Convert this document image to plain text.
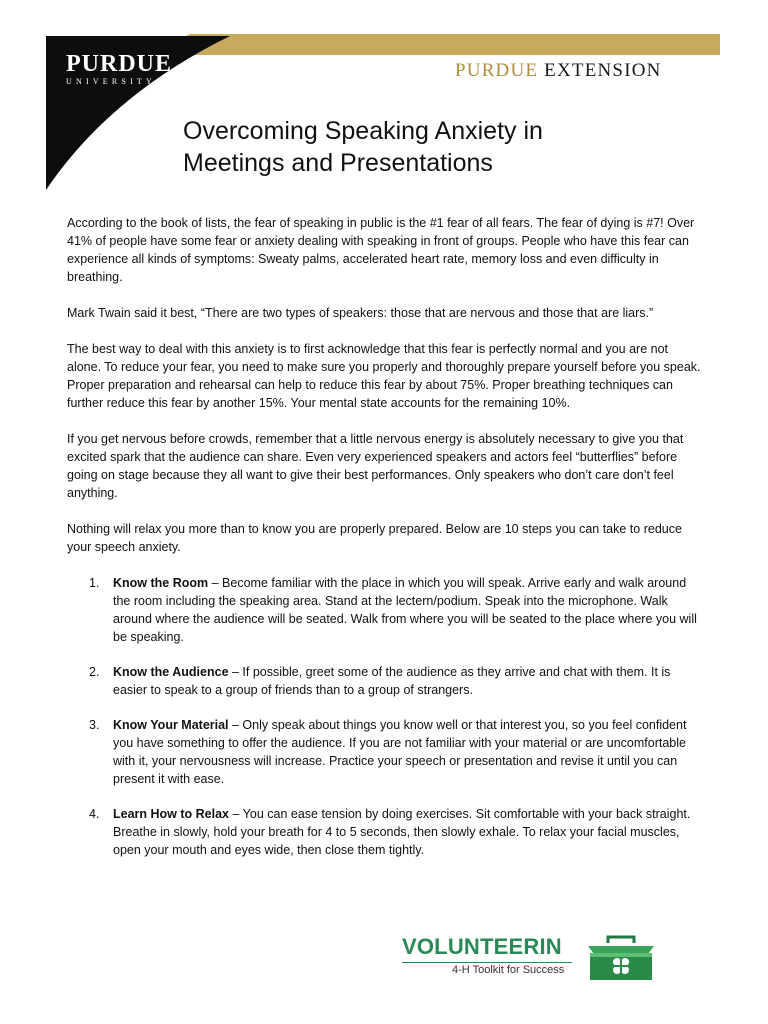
PURDUE
UNIVERSITY
PURDUE EXTENSION
Overcoming Speaking Anxiety in
Meetings and Presentations

According to the book of lists, the fear of speaking in public is the #1 fear of all fears. The fear of dying is #7! Over 41% of people have some fear or anxiety dealing with speaking in front of groups. People who have this fear can experience all kinds of symptoms: Sweaty palms, accelerated heart rate, memory loss and even difficulty in breathing.

Mark Twain said it best, “There are two types of speakers: those that are nervous and those that are liars.”

The best way to deal with this anxiety is to first acknowledge that this fear is perfectly normal and you are not alone. To reduce your fear, you need to make sure you properly and thoroughly prepare yourself before you speak. Proper preparation and rehearsal can help to reduce this fear by about 75%. Proper breathing techniques can further reduce this fear by another 15%. Your mental state accounts for the remaining 10%.

If you get nervous before crowds, remember that a little nervous energy is absolutely necessary to give you that excited spark that the audience can share. Even very experienced speakers and actors feel “butterflies” before going on stage because they all want to give their best performances. Only speakers who don’t care don’t feel anything.

Nothing will relax you more than to know you are properly prepared. Below are 10 steps you can take to reduce your speech anxiety.

1. Know the Room – Become familiar with the place in which you will speak. Arrive early and walk around the room including the speaking area. Stand at the lectern/podium. Speak into the microphone. Walk around where the audience will be seated. Walk from where you will be seated to the place where you will be speaking.
2. Know the Audience – If possible, greet some of the audience as they arrive and chat with them. It is easier to speak to a group of friends than to a group of strangers.
3. Know Your Material – Only speak about things you know well or that interest you, so you feel confident you have something to offer the audience. If you are not familiar with your material or are uncomfortable with it, your nervousness will increase. Practice your speech or presentation and revise it until you can present it with ease.
4. Learn How to Relax – You can ease tension by doing exercises. Sit comfortable with your back straight. Breathe in slowly, hold your breath for 4 to 5 seconds, then slowly exhale. To relax your facial muscles, open your mouth and eyes wide, then close them tightly.
VOLUNTEERIN
4-H Toolkit for Success
